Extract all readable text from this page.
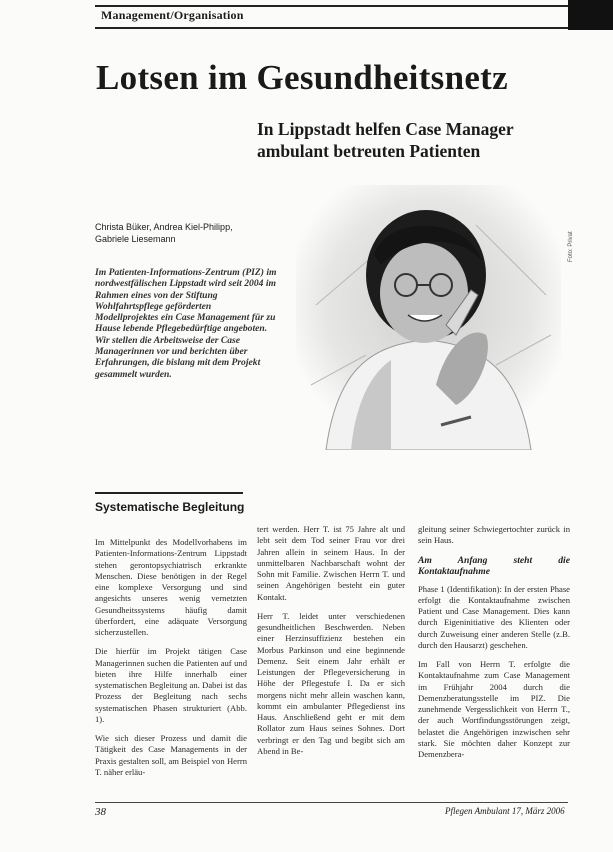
Management/Organisation
Lotsen im Gesundheitsnetz
In Lippstadt helfen Case Manager
ambulant betreuten Patienten
Christa Büker, Andrea Kiel-Philipp,
Gabriele Liesemann
Im Patienten-Informations-Zentrum (PIZ) im nordwestfälischen Lippstadt wird seit 2004 im Rahmen eines von der Stiftung Wohlfahrtspflege geförderten Modellprojektes ein Case Management für zu Hause lebende Pflegebedürftige angeboten. Wir stellen die Arbeitsweise der Case Managerinnen vor und berichten über Erfahrungen, die bislang mit dem Projekt gesammelt wurden.
Foto: Privat
Systematische Begleitung

Im Mittelpunkt des Modellvorhabens im Patienten-Informations-Zentrum Lippstadt stehen gerontopsychiatrisch erkrankte Menschen. Diese benötigen in der Regel eine komplexe Versorgung und sind angesichts unseres wenig vernetzten Gesundheitssystems häufig damit überfordert, eine adäquate Versorgung sicherzustellen.

Die hierfür im Projekt tätigen Case Managerinnen suchen die Patienten auf und bieten ihre Hilfe innerhalb einer systematischen Begleitung an. Dabei ist das Prozess der Begleitung nach sechs systematischen Phasen strukturiert (Abb. 1).

Wie sich dieser Prozess und damit die Tätigkeit des Case Managements in der Praxis gestalten soll, am Beispiel von Herrn T. näher erläu-

tert werden. Herr T. ist 75 Jahre alt und lebt seit dem Tod seiner Frau vor drei Jahren allein in seinem Haus. In der unmittelbaren Nachbarschaft wohnt der Sohn mit Familie. Zwischen Herrn T. und seinen Angehörigen besteht ein guter Kontakt.

Herr T. leidet unter verschiedenen gesundheitlichen Beschwerden. Neben einer Herzinsuffizienz bestehen ein Morbus Parkinson und eine beginnende Demenz. Seit einem Jahr erhält er Leistungen der Pflegeversicherung in Höhe der Pflegestufe I. Da er sich morgens nicht mehr allein waschen kann, kommt ein ambulanter Pflegedienst ins Haus. Anschließend geht er mit dem Rollator zum Haus seines Sohnes. Dort verbringt er den Tag und begibt sich am Abend in Be-

gleitung seiner Schwiegertochter zurück in sein Haus.

Am Anfang steht die Kontaktaufnahme

Phase 1 (Identifikation): In der ersten Phase erfolgt die Kontaktaufnahme zwischen Patient und Case Management. Dies kann durch Eigeninitiative des Klienten oder durch Zuweisung einer anderen Stelle (z.B. durch den Hausarzt) geschehen.

Im Fall von Herrn T. erfolgte die Kontaktaufnahme zum Case Management im Frühjahr 2004 durch die Demenzberatungsstelle im PIZ. Die zunehmende Vergesslichkeit von Herrn T., der auch Wortfindungsstörungen zeigt, belastet die Angehörigen inzwischen sehr stark. Sie möchten daher Konzept zur Demenzbera-

38	Pflegen Ambulant 17, März 2006
